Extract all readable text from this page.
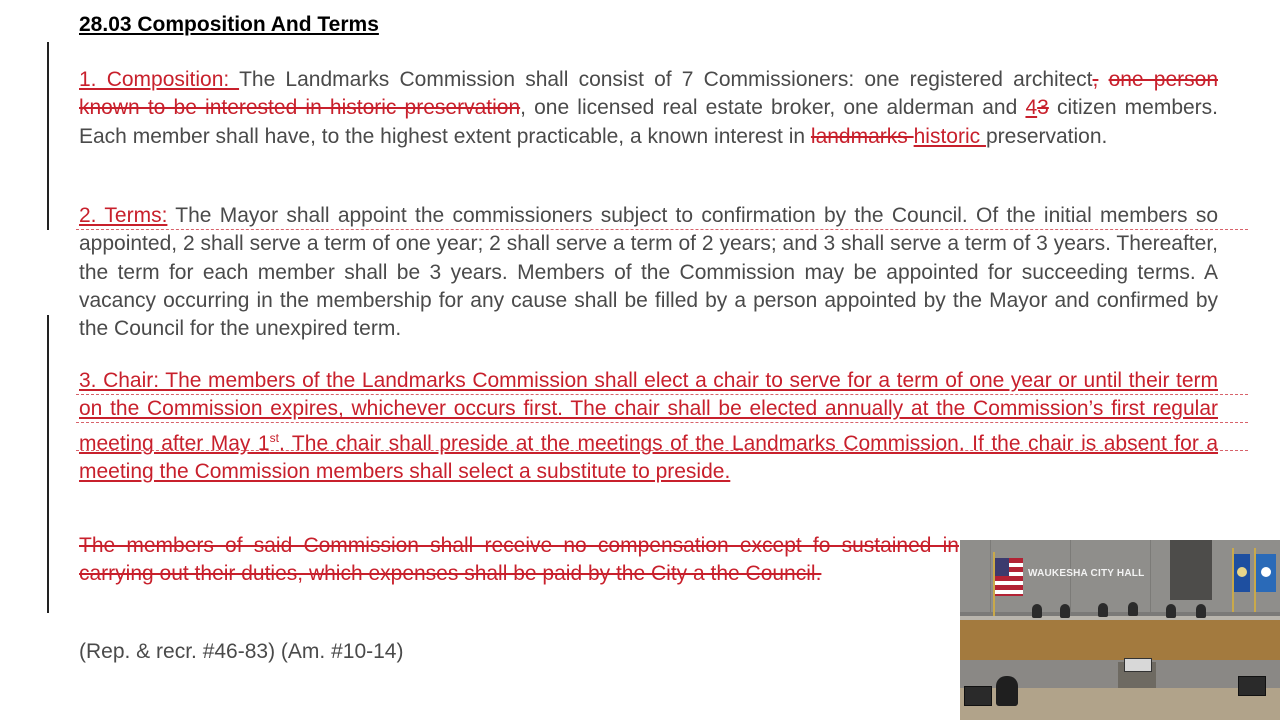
28.03 Composition And Terms
1. Composition: The Landmarks Commission shall consist of 7 Commissioners: one registered architect, one person known to be interested in historic preservation, one licensed real estate broker, one alderman and 43 citizen members. Each member shall have, to the highest extent practicable, a known interest in landmarks historic preservation.
2. Terms: The Mayor shall appoint the commissioners subject to confirmation by the Council. Of the initial members so appointed, 2 shall serve a term of one year; 2 shall serve a term of 2 years; and 3 shall serve a term of 3 years. Thereafter, the term for each member shall be 3 years. Members of the Commission may be appointed for succeeding terms. A vacancy occurring in the membership for any cause shall be filled by a person appointed by the Mayor and confirmed by the Council for the unexpired term.
3. Chair: The members of the Landmarks Commission shall elect a chair to serve for a term of one year or until their term on the Commission expires, whichever occurs first. The chair shall be elected annually at the Commission’s first regular meeting after May 1st. The chair shall preside at the meetings of the Landmarks Commission. If the chair is absent for a meeting the Commission members shall select a substitute to preside.
The members of said Commission shall receive no compensation except fo sustained in carrying out their duties, which expenses shall be paid by the City a the Council.
(Rep. & recr. #46-83) (Am. #10-14)
WAUKESHA CITY HALL
